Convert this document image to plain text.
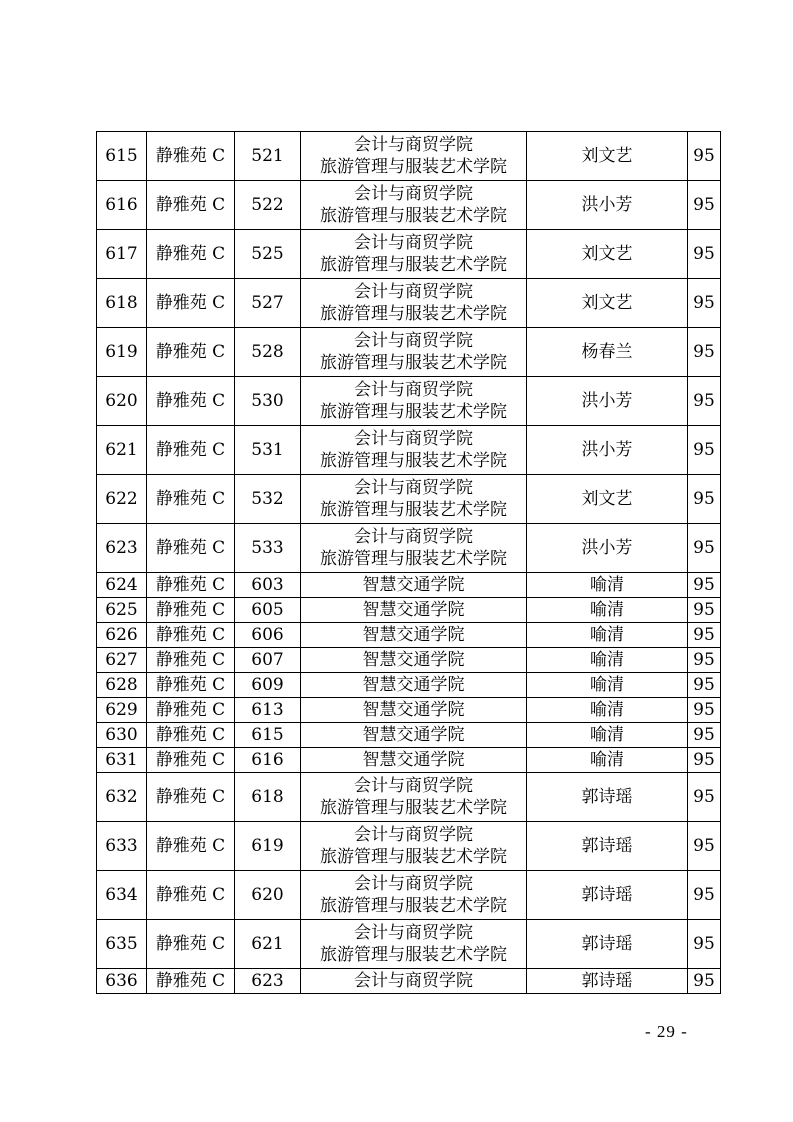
615	静雅苑 C	521	会计与商贸学院
旅游管理与服装艺术学院	刘文艺	95
616	静雅苑 C	522	会计与商贸学院
旅游管理与服装艺术学院	洪小芳	95
617	静雅苑 C	525	会计与商贸学院
旅游管理与服装艺术学院	刘文艺	95
618	静雅苑 C	527	会计与商贸学院
旅游管理与服装艺术学院	刘文艺	95
619	静雅苑 C	528	会计与商贸学院
旅游管理与服装艺术学院	杨春兰	95
620	静雅苑 C	530	会计与商贸学院
旅游管理与服装艺术学院	洪小芳	95
621	静雅苑 C	531	会计与商贸学院
旅游管理与服装艺术学院	洪小芳	95
622	静雅苑 C	532	会计与商贸学院
旅游管理与服装艺术学院	刘文艺	95
623	静雅苑 C	533	会计与商贸学院
旅游管理与服装艺术学院	洪小芳	95
624	静雅苑 C	603	智慧交通学院	喻清	95
625	静雅苑 C	605	智慧交通学院	喻清	95
626	静雅苑 C	606	智慧交通学院	喻清	95
627	静雅苑 C	607	智慧交通学院	喻清	95
628	静雅苑 C	609	智慧交通学院	喻清	95
629	静雅苑 C	613	智慧交通学院	喻清	95
630	静雅苑 C	615	智慧交通学院	喻清	95
631	静雅苑 C	616	智慧交通学院	喻清	95
632	静雅苑 C	618	会计与商贸学院
旅游管理与服装艺术学院	郭诗瑶	95
633	静雅苑 C	619	会计与商贸学院
旅游管理与服装艺术学院	郭诗瑶	95
634	静雅苑 C	620	会计与商贸学院
旅游管理与服装艺术学院	郭诗瑶	95
635	静雅苑 C	621	会计与商贸学院
旅游管理与服装艺术学院	郭诗瑶	95
636	静雅苑 C	623	会计与商贸学院	郭诗瑶	95
- 29 -
